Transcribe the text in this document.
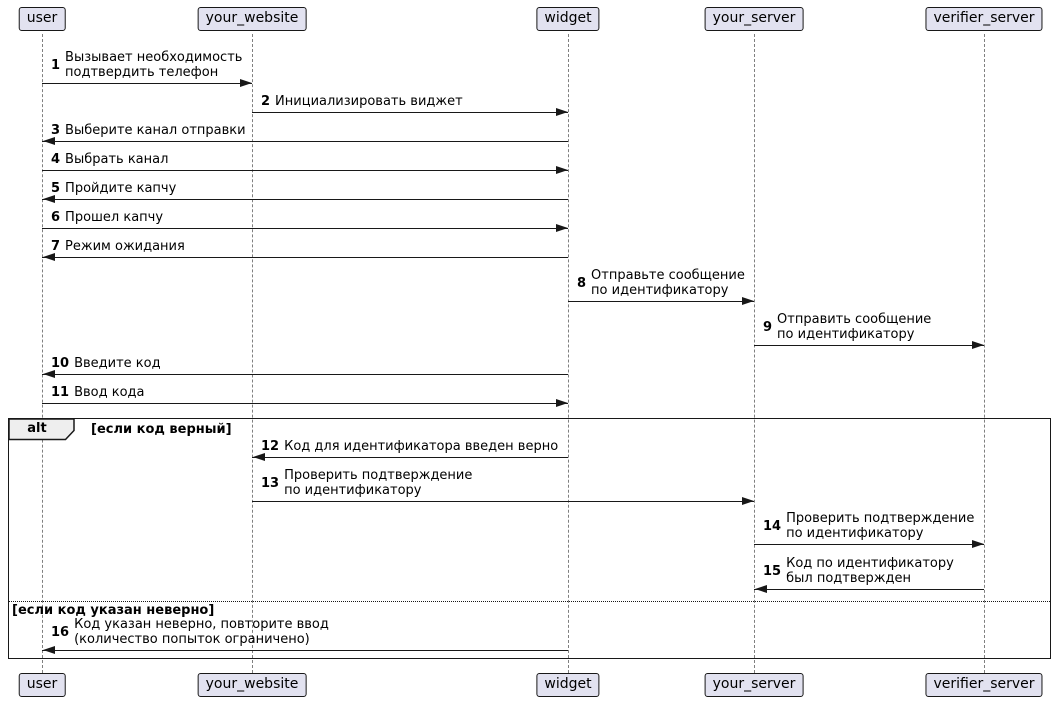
alt	[если код верный]
[если код указан неверно]
user
user
your_website
your_website
widget
widget
your_server
your_server
verifier_server
verifier_server
1 Вызывает необходимость
подтвердить телефон
2 Инициализировать виджет
3 Выберите канал отправки
4 Выбрать канал
5 Пройдите капчу
6 Прошел капчу
7 Режим ожидания
8 Отправьте сообщение
по идентификатору
9 Отправить сообщение
по идентификатору
10 Введите код
11 Ввод кода
12 Код для идентификатора введен верно
13 Проверить подтверждение
по идентификатору
14 Проверить подтверждение
по идентификатору
15 Код по идентификатору
был подтвержден
16 Код указан неверно, повторите ввод
(количество попыток ограничено)
